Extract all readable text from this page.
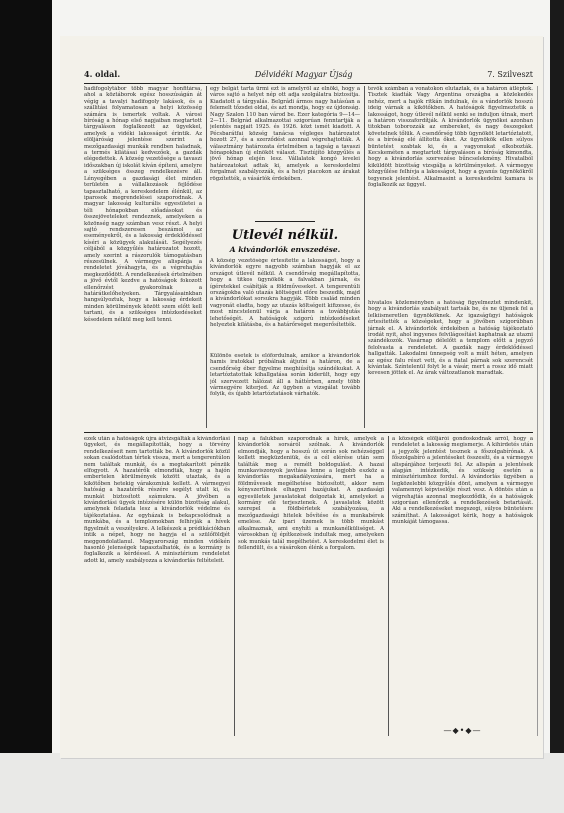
4. oldal.	Délvidéki Magyar Újság	7. Szilveszt
hadifogolytábor több magyar honfitársa, ahol a köztáborok egész hosszúságán át végig a tavalyi hadifogoly lakások, és a szállítási folyamatosan a helyi közösség számára is ismertek voltak. A városi bíróság a hónap első napjaiban megtartott tárgyaláson foglalkozott az ügyekkel, amelyek a vidéki lakosságot érintik. Az elöljáróság jelentése szerint a mezőgazdasági munkák rendben haladnak, a termés kilátásai kedvezőek, a gazdák elégedettek. A község vezetősége a tavaszi időszakban új iskolát kíván építeni, amelyre a szükséges összeg rendelkezésre áll. Lényegében a gazdasági élet minden területén a vállalkozások fejlődése tapasztalható, a kereskedelem élénkül, az iparosok megrendelései szaporodnak. A magyar lakosság kulturális egyesületei a téli hónapokban előadásokat és összejöveteleket rendeznek, amelyeken a közönség nagy számban vesz részt. A helyi sajtó rendszeresen beszámol az eseményekről, és a lakosság érdeklődéssel kíséri a közügyek alakulását. Segélyezés céljából a közgyűlés határozatot hozott, amely szerint a rászorulók támogatásban részesülnek. A vármegye alispánja a rendeletet jóváhagyta, és a végrehajtás megkezdődött. A rendelkezések értelmében a jövő évtől kezdve a hatóságok fokozott ellenőrzést gyakorolnak a határátkelőhelyeken. Tárgyalásainkban hangsúlyoztuk, hogy a lakosság érdekeit minden körülmények között szem előtt kell tartani, és a szükséges intézkedéseket késedelem nélkül meg kell tenni.
egy belgát tarta ürmi ezt is amelyről az elnöki, hogy a város sajtó a helyet nép ott adja szolgálatra biztosítja. Kiadatott a tárgyalás. Belgrádi ármos nagy hatásúan a felemelt tőzsdei oldal, és azt mondja, hogy ez újdonság. Nagy Szalon 110 ban várod be. Ezer kategória 9—14—2—11. Belgrád alkalmazottai szigorúan fenntartják a jelentés napjait 1925. és 1926. közt ismét kiadott. A Pécsbarátfai község tanácsa végleges határozatot hozott 27, és a szerződést azonnal végrehajtották. A választmány határozata értelmében a tagság a tavaszi hónapokban új elnököt választ. Tisztújító közgyűlés a jövő hónap elején lesz. Vállalatok kongó levelei határozatokat adtak ki, amelyek a kereskedelmi forgalmat szabályozzák, és a helyi piacokon az árakat rögzítették, a vásárlók érdekében.
Utlevél nélkül.
A kivándorlók envszedése.
A község vezetősége értesítette a lakosságot, hogy a kivándorlók egyre nagyobb számban hagyják el az országot útlevél nélkül. A csendőrség megállapította, hogy a titkos ügynökök a falvakban járnak, és ígéretekkel csábítják a földműveseket. A tengerentúli országokba való utazás költségeit előre beszedik, majd a kivándorlókat sorsukra hagyják. Több család minden vagyonát eladta, hogy az utazás költségeit kifizesse, és most nincstelenül várja a határon a továbbjutás lehetőségét. A hatóságok szigorú intézkedéseket helyeztek kilátásba, és a határőrséget megerősítették.
Különös esetek is előfordulnak, amikor a kivándorlók hamis iratokkal próbálnak átjutni a határon, de a csendőrség éber figyelme meghiúsítja szándékukat. A letartóztatottak kihallgatása során kiderült, hogy egy jól szervezett hálózat áll a háttérben, amely több vármegyére kiterjed. Az ügyben a vizsgálat tovább folyik, és újabb letartóztatások várhatók.
tevők számban a vonatokon elutaztak, és a határon átléptek. Tisztek kiadták Vagy Argentina országba a közlekedés nehéz, mert a hajók ritkán indulnak, és a vándorlók hosszú ideig várnak a kikötőkben. A hatóságok figyelmeztetik a lakosságot, hogy útlevél nélkül senki se induljon útnak, mert a határon visszafordítják. A kivándorlók ügynökei azonban titokban toborozzák az embereket, és nagy összegeket követelnek tőlük. A csendőrség több ügynököt letartóztatott, és a bíróság elé állította őket. Az ügynökök ellen súlyos büntetést szabtak ki, és a vagyonukat elkobozták. Kecskeméten a megtartott tárgyaláson a bíróság kimondta, hogy a kivándorlás szervezése bűncselekmény. Hivatalból kiküldött bizottság vizsgálja a körülményeket. A vármegye közgyűlése felhívja a lakosságot, hogy a gyanús ügynökökről tegyenek jelentést. Alkalmasint a kereskedelmi kamara is foglalkozik az üggyel.
hivatalos közleményben a hatóság figyelmeztet mindenkit, hogy a kivándorlás szabályait tartsák be, és ne üljenek fel a lelkiismeretlen ügynököknek. Az igazságügyi hatóságok értesítették a községeket, hogy a jövőben szigorúbban járnak el. A kivándorlók érdekében a hatóság tájékoztató irodát nyit, ahol ingyenes felvilágosítást kaphatnak az utazni szándékozók. Vasárnap délelőtt a templom előtt a jegyző felolvasta a rendeletet. A gazdák nagy érdeklődéssel hallgatták. Lakodalmi ünnepség volt a múlt héten, amelyen az egész falu részt vett, és a fiatal párnak sok szerencsét kívántak. Színtelenül folyt le a vásár, mert a rossz idő miatt kevesen jöttek el. Az árak változatlanok maradtak.
ezek után a hatóságok újra átvizsgálták a kivándorlási ügyeket, és megállapították, hogy a törvény rendelkezéseit nem tartották be. A kivándorlók közül sokan csalódottan tértek vissza, mert a tengerentúlon nem találtak munkát, és a megtakarított pénzük elfogyott. A hazatérők elmondták, hogy a hajón embertelen körülmények között utaztak, és a kikötőben hetekig várakozniuk kellett. A vármegyei hatóság a hazatérők részére segélyt utalt ki, és munkát biztosított számukra. A jövőben a kivándorlási ügyek intézésére külön bizottság alakul, amelynek feladata lesz a kivándorlók védelme és tájékoztatása. Az egyházak is bekapcsolódnak a munkába, és a templomokban felhívják a hívek figyelmét a veszélyekre. A lelkészek a prédikációkban intik a népet, hogy ne hagyja el a szülőföldjét meggondolatlanul. Magyarország minden vidékén hasonló jelenségek tapasztalhatók, és a kormány is foglalkozik a kérdéssel. A minisztérium rendeletet adott ki, amely szabályozza a kivándorlás feltételeit.
nap a falukban szaporodnak a hírek, amelyek a kivándorlók sorsáról szólnak. A kivándorlók elmondják, hogy a hosszú út során sok nehézséggel kellett megküzdeniük, és a cél elérése után sem találták meg a remélt boldogulást. A hazai munkaviszonyok javítása lenne a legjobb eszköz a kivándorlás megakadályozására, mert ha a földművesek megélhetése biztosított, akkor nem kényszerülnek elhagyni hazájukat. A gazdasági egyesületek javaslatokat dolgoztak ki, amelyeket a kormány elé terjesztenek. A javaslatok között szerepel a földbérletek szabályozása, a mezőgazdasági hitelek bővítése és a munkabérek emelése. Az ipari üzemek is több munkást alkalmaznak, ami enyhíti a munkanélküliséget. A városokban új építkezések indultak meg, amelyeken sok munkás talál megélhetést. A kereskedelmi élet is fellendült, és a vásárokon élénk a forgalom.
a községek elöljárói gondoskodnak arról, hogy a rendeletet a lakosság megismerje. A kihirdetés után a jegyzők jelentést tesznek a főszolgabírónak. A főszolgabíró a jelentéseket összesíti, és a vármegye alispánjához terjeszti fel. Az alispán a jelentések alapján intézkedik, és szükség esetén a minisztériumhoz fordul. A kivándorlás ügyében a legközelebbi közgyűlés dönt, amelyen a vármegye valamennyi képviselője részt vesz. A döntés után a végrehajtás azonnal megkezdődik, és a hatóságok szigorúan ellenőrzik a rendelkezések betartását. Aki a rendelkezéseket megszegi, súlyos büntetésre számíthat. A lakosságot kérik, hogy a hatóságok munkáját támogassa.
—◆•◆—
